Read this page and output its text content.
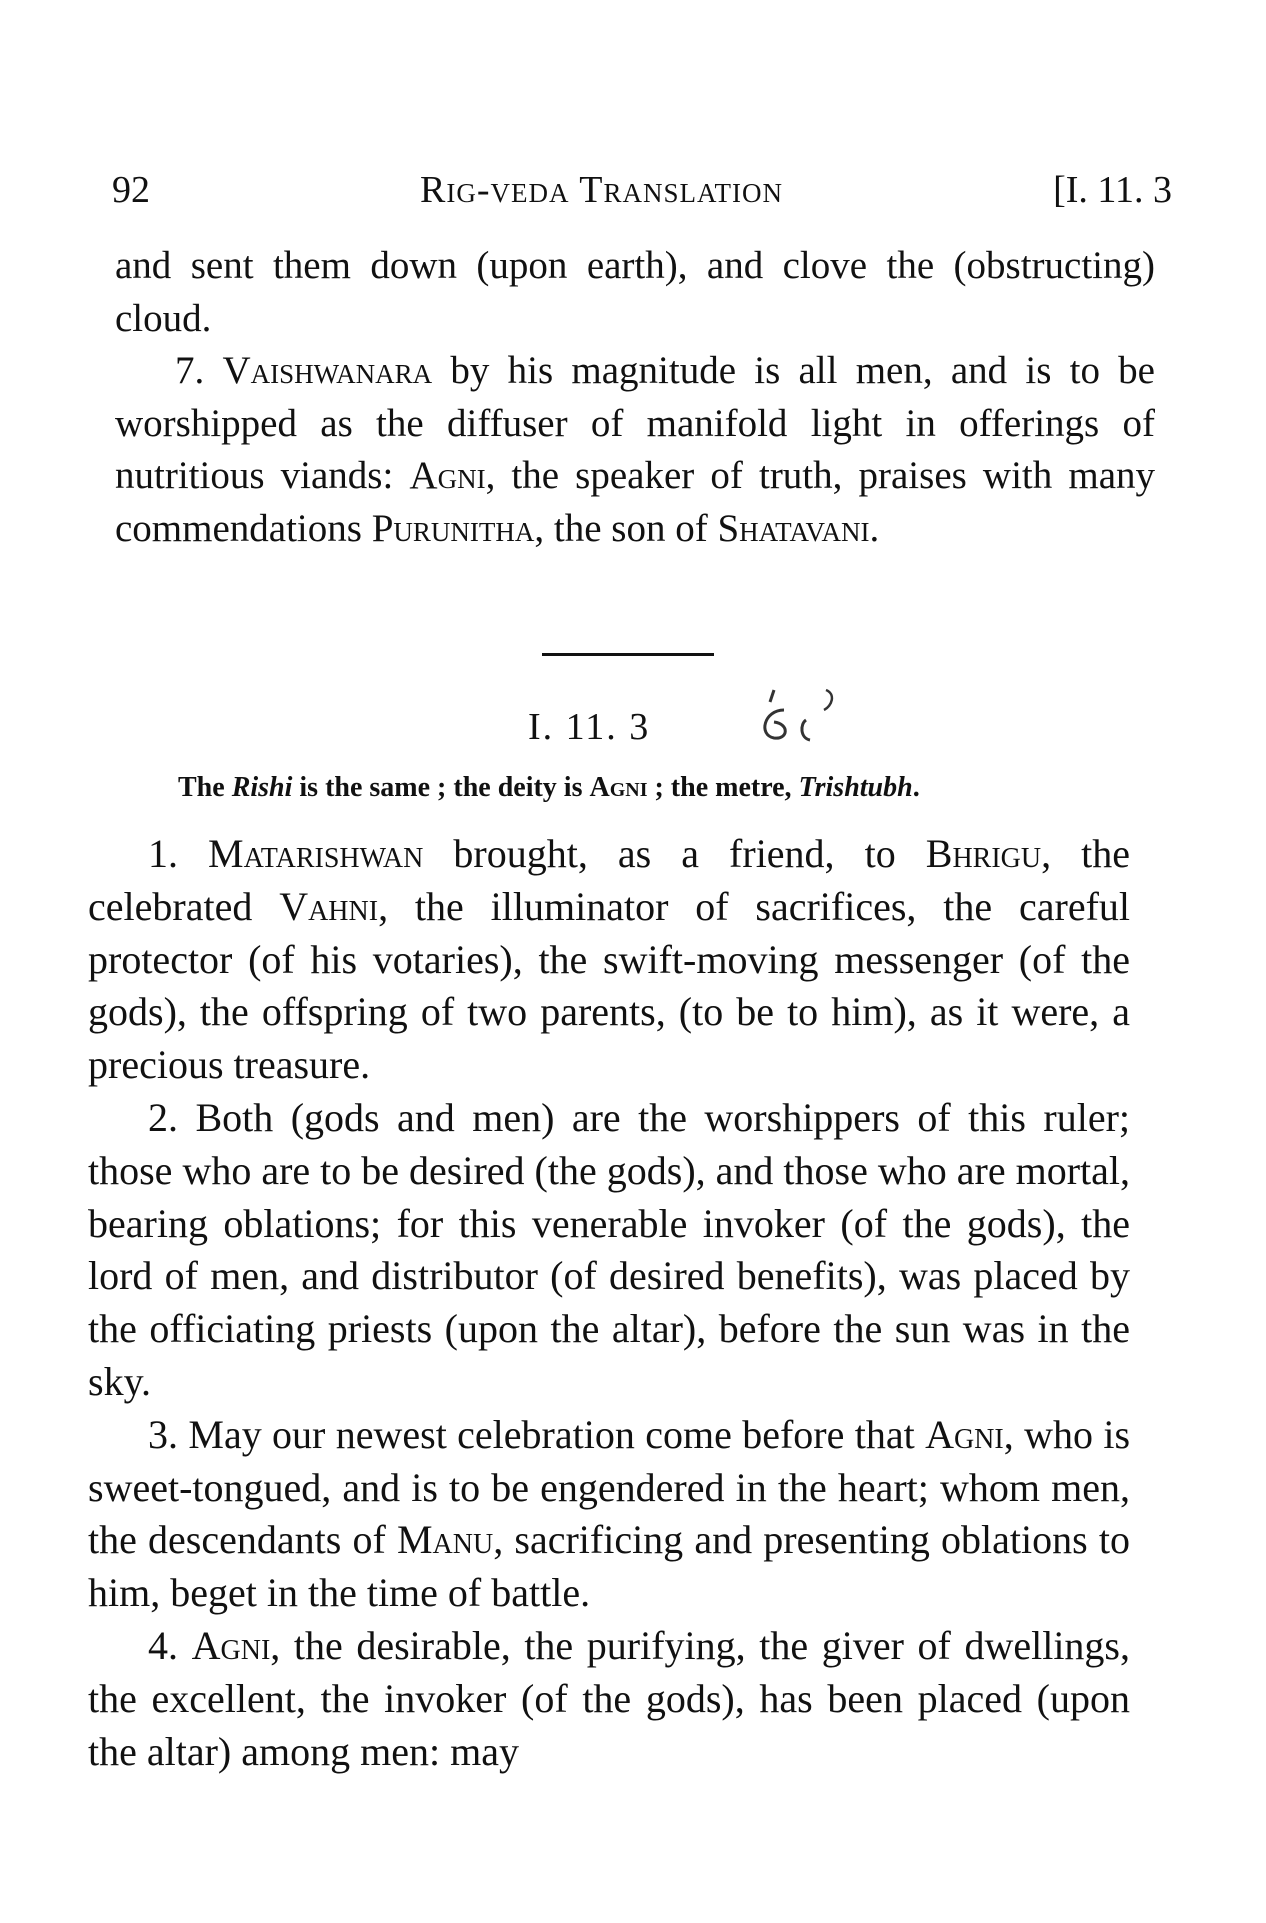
92	Rig-veda Translation	[I. 11. 3

and sent them down (upon earth), and clove the (obstructing) cloud.

7. Vaishwanara by his magnitude is all men, and is to be worshipped as the diffuser of manifold light in offerings of nutritious viands: Agni, the speaker of truth, praises with many commendations Purunitha, the son of Shatavani.

I. 11. 3
The Rishi is the same ; the deity is Agni ; the metre, Trishtubh.

1. Matarishwan brought, as a friend, to Bhrigu, the celebrated Vahni, the illuminator of sacrifices, the careful protector (of his votaries), the swift-moving messenger (of the gods), the offspring of two parents, (to be to him), as it were, a precious treasure.

2. Both (gods and men) are the worshippers of this ruler; those who are to be desired (the gods), and those who are mortal, bearing oblations; for this venerable invoker (of the gods), the lord of men, and distributor (of desired benefits), was placed by the officiating priests (upon the altar), before the sun was in the sky.

3. May our newest celebration come before that Agni, who is sweet-tongued, and is to be engendered in the heart; whom men, the descendants of Manu, sacrificing and presenting oblations to him, beget in the time of battle.

4. Agni, the desirable, the purifying, the giver of dwellings, the excellent, the invoker (of the gods), has been placed (upon the altar) among men: may
